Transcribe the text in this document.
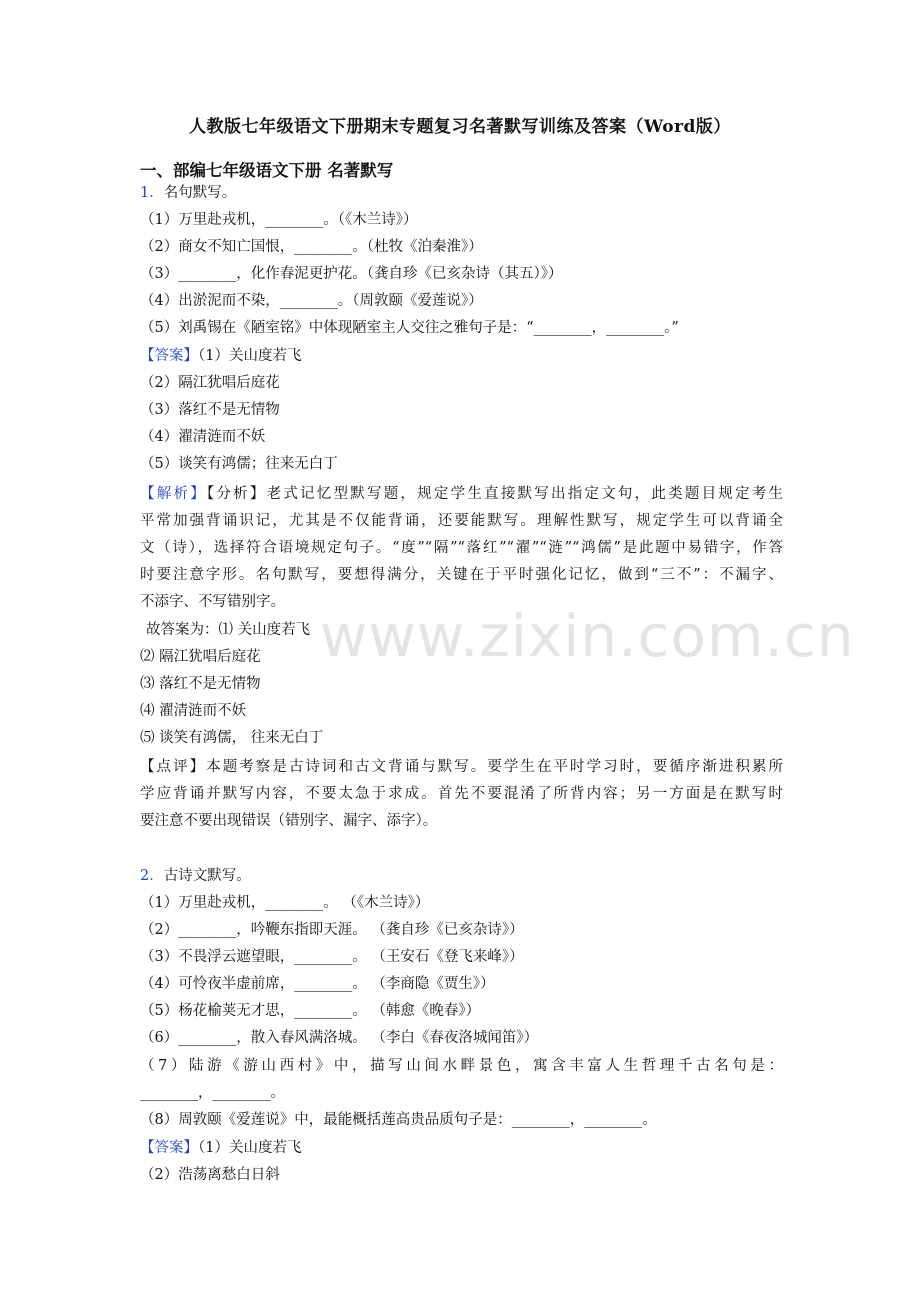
www.zixin.com.cn
人教版七年级语文下册期末专题复习名著默写训练及答案（Word版）
一、部编七年级语文下册 名著默写
1．名句默写。
（1）万里赴戎机，________。（《木兰诗》）
（2）商女不知亡国恨，________。（杜牧《泊秦淮》）
（3）________，化作春泥更护花。（龚自珍《已亥杂诗（其五）》）
（4）出淤泥而不染，________。（周敦颐《爱莲说》）
（5）刘禹锡在《陋室铭》中体现陋室主人交往之雅句子是：“________，________。”
【答案】（1）关山度若飞
（2）隔江犹唱后庭花
（3）落红不是无情物
（4）濯清涟而不妖
（5）谈笑有鸿儒；往来无白丁
【解析】【分析】老式记忆型默写题，规定学生直接默写出指定文句，此类题目规定考生
平常加强背诵识记，尤其是不仅能背诵，还要能默写。理解性默写，规定学生可以背诵全
文（诗），选择符合语境规定句子。“度”“隔”“落红”“濯”“涟”“鸿儒”是此题中易错字，作答
时要注意字形。名句默写，要想得满分，关键在于平时强化记忆，做到“三不”：不漏字、
不添字、不写错别字。
故答案为：⑴ 关山度若飞
⑵ 隔江犹唱后庭花
⑶ 落红不是无情物
⑷ 濯清涟而不妖
⑸ 谈笑有鸿儒， 往来无白丁
【点评】本题考察是古诗词和古文背诵与默写。要学生在平时学习时，要循序渐进积累所
学应背诵并默写内容，不要太急于求成。首先不要混淆了所背内容；另一方面是在默写时
要注意不要出现错误（错别字、漏字、添字）。
2．古诗文默写。
（1）万里赴戎机，________。 （《木兰诗》）
（2）________，吟鞭东指即天涯。 （龚自珍《已亥杂诗》）
（3）不畏浮云遮望眼，________。 （王安石《登飞来峰》）
（4）可怜夜半虚前席，________。 （李商隐《贾生》）
（5）杨花榆荚无才思，________。 （韩愈《晚春》）
（6）________，散入春风满洛城。 （李白《春夜洛城闻笛》）
（7）陆游《游山西村》中，描写山间水畔景色，寓含丰富人生哲理千古名句是：
________，________。
（8）周敦颐《爱莲说》中，最能概括莲高贵品质句子是：________，________。
【答案】（1）关山度若飞
（2）浩荡离愁白日斜
